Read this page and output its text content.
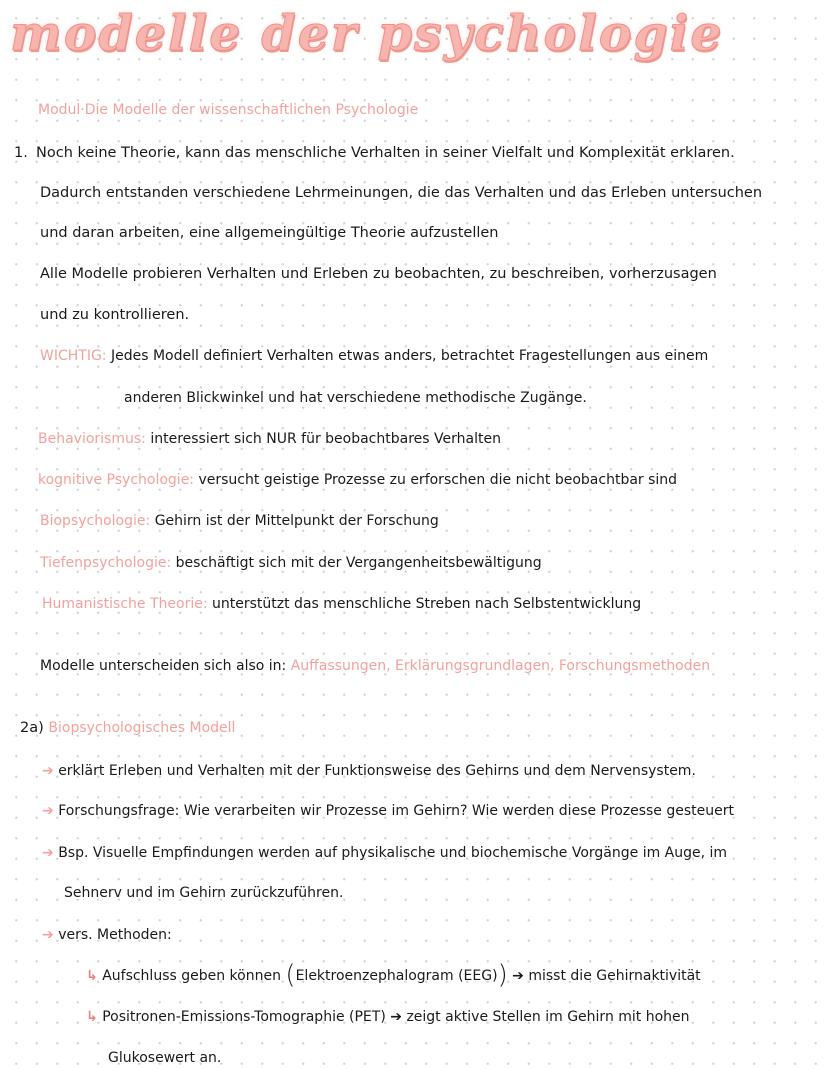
modelle der psychologie
Modul·Die Modelle der wissenschaftlichen Psychologie
1. Noch keine Theorie, kann das menschliche Verhalten in seiner Vielfalt und Komplexität erklaren.
Dadurch entstanden verschiedene Lehrmeinungen, die das Verhalten und das Erleben untersuchen
und daran arbeiten, eine allgemeingültige Theorie aufzustellen
Alle Modelle probieren Verhalten und Erleben zu beobachten, zu beschreiben, vorherzusagen
und zu kontrollieren.
WICHTIG: Jedes Modell definiert Verhalten etwas anders, betrachtet Fragestellungen aus einem
anderen Blickwinkel und hat verschiedene methodische Zugänge.
Behaviorismus: interessiert sich NUR für beobachtbares Verhalten
kognitive Psychologie: versucht geistige Prozesse zu erforschen die nicht beobachtbar sind
Biopsychologie: Gehirn ist der Mittelpunkt der Forschung
Tiefenpsychologie: beschäftigt sich mit der Vergangenheitsbewältigung
Humanistische Theorie: unterstützt das menschliche Streben nach Selbstentwicklung
Modelle unterscheiden sich also in: Auffassungen, Erklärungsgrundlagen, Forschungsmethoden
2a) Biopsychologisches Modell
➔ erklärt Erleben und Verhalten mit der Funktionsweise des Gehirns und dem Nervensystem.
➔ Forschungsfrage: Wie verarbeiten wir Prozesse im Gehirn? Wie werden diese Prozesse gesteuert
➔ Bsp. Visuelle Empfindungen werden auf physikalische und biochemische Vorgänge im Auge, im
Sehnerv und im Gehirn zurückzuführen.
➔ vers. Methoden:
↳ Aufschluss geben können (Elektroenzephalogram (EEG)) ➔ misst die Gehirnaktivität
↳ Positronen-Emissions-Tomographie (PET) ➔ zeigt aktive Stellen im Gehirn mit hohen
Glukosewert an.
